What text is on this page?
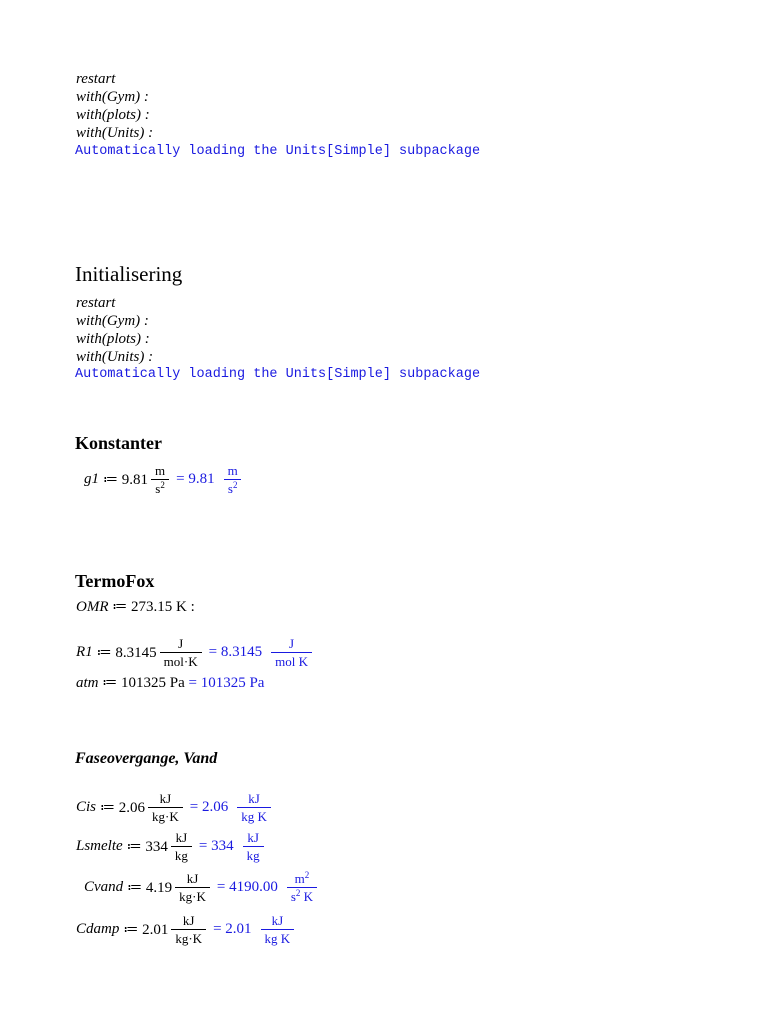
restart
with(Gym) :
with(plots) :
with(Units) :
Automatically loading the Units[Simple] subpackage
Initialisering
restart
with(Gym) :
with(plots) :
with(Units) :
Automatically loading the Units[Simple] subpackage
Konstanter
g1 ≔ $9.81 \frac{m}{s^2} = 9.81 \frac{m}{s^2}$
TermoFox
OMR ≔ 273.15 K :
R1 ≔ $8.3145 \frac{J}{\text{mol·K}} = 8.3145 \frac{J}{\text{mol K}}$
atm ≔ 101325 Pa = 101325 Pa
Faseovergange, Vand
Cis ≔ $2.06 \frac{kJ}{kg\cdot K} = 2.06 \frac{kJ}{\text{kg K}}$
Lsmelte ≔ $334 \frac{kJ}{kg} = 334 \frac{kJ}{kg}$
Cvand ≔ $4.19 \frac{kJ}{kg\cdot K} = 4190.00 \frac{m^2}{s^2 K}$
Cdamp ≔ $2.01 \frac{kJ}{kg\cdot K} = 2.01 \frac{kJ}{\text{kg K}}$
